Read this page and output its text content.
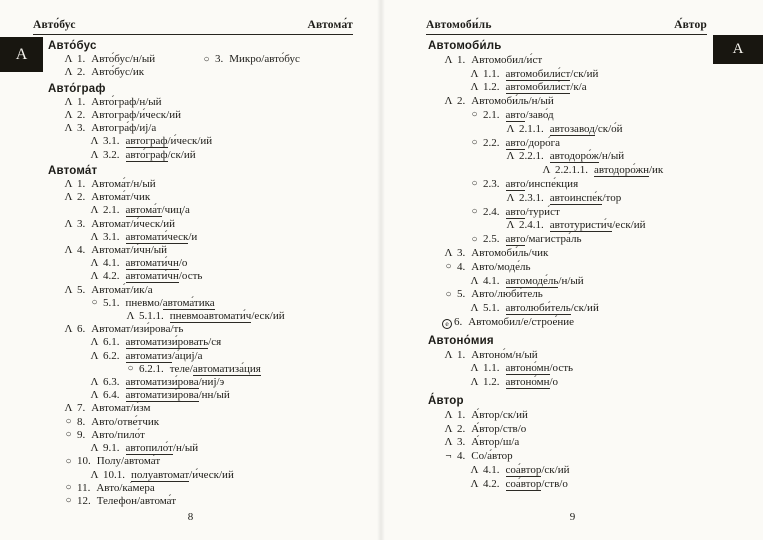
Авто́бус	Автома́т
А Авто́бус
Λ 1. Авто́бус/н/ый
Λ 2. Авто́бус/ик
○ 3. Микро/авто́бус
Авто́граф
Λ 1. Авто́граф/н/ый
Λ 2. Автограф/и́ческ/ий
Λ 3. Автогра́ф/иj/а
Λ 3.1. автограф/и́ческ/ий
Λ 3.2. авто́граф/ск/ий
Автома́т
Λ 1. Автома́т/н/ый
Λ 2. Автома́т/чик
Λ 2.1. автома́т/чиц/а
Λ 3. Автомат/и́ческ/ий
Λ 3.1. автомати́ческ/и
Λ 4. Автомат/и́чн/ый
Λ 4.1. автомати́чн/о
Λ 4.2. автомати́чн/ость
Λ 5. Автома́т/ик/а
○ 5.1. пневмо/автома́тика
Λ 5.1.1. пневмоавтомати́ч/еск/ий
Λ 6. Автомат/изи́рова/ть
Λ 6.1. автоматизи́ровать/ся
Λ 6.2. автоматиз/а́циj/а
○ 6.2.1. теле/автоматиза́ция
Λ 6.3. автоматизи́рова/ниj/э
Λ 6.4. автоматизи́рова/нн/ый
Λ 7. Автомат/и́зм
○ 8. Авто/отве́тчик
○ 9. Авто/пило́т
Λ 9.1. автопило́т/н/ый
○ 10. Полу/автома́т
Λ 10.1. полуавтомат/и́ческ/ий
○ 11. Авто/ка́мера
○ 12. Телефон/автома́т
8
Автомоби́ль	А́втор
А
Автомоби́ль
Λ 1. Автомобил/и́ст
Λ 1.1. автомобили́ст/ск/ий
Λ 1.2. автомобили́ст/к/а
Λ 2. Автомоби́ль/н/ый
○ 2.1. авто/заво́д
Λ 2.1.1. автозавод/ск/о́й
○ 2.2. авто/доро́га
Λ 2.2.1. автодоро́ж/н/ый
Λ 2.2.1.1. автодоро́жн/ик
○ 2.3. авто/инспе́кция
Λ 2.3.1. автоинспе́к/тор
○ 2.4. авто/тури́ст
Λ 2.4.1. автотуристи́ч/еск/ий
○ 2.5. авто/магистра́ль
Λ 3. Автомоби́ль/чик
○ 4. Авто/моде́ль
Λ 4.1. автомоде́ль/н/ый
○ 5. Авто/люби́тель
Λ 5.1. автолюби́тель/ск/ий
е 6. Автомобил/е/строе́ние
Автоно́мия
Λ 1. Автоно́м/н/ый
Λ 1.1. автоно́мн/ость
Λ 1.2. автоно́мн/о
А́втор
Λ 1. А́втор/ск/ий
Λ 2. А́втор/ств/о
Λ 3. А́втор/ш/а
¬ 4. Со/а́втор
Λ 4.1. соа́втор/ск/ий
Λ 4.2. соа́втор/ств/о
9
